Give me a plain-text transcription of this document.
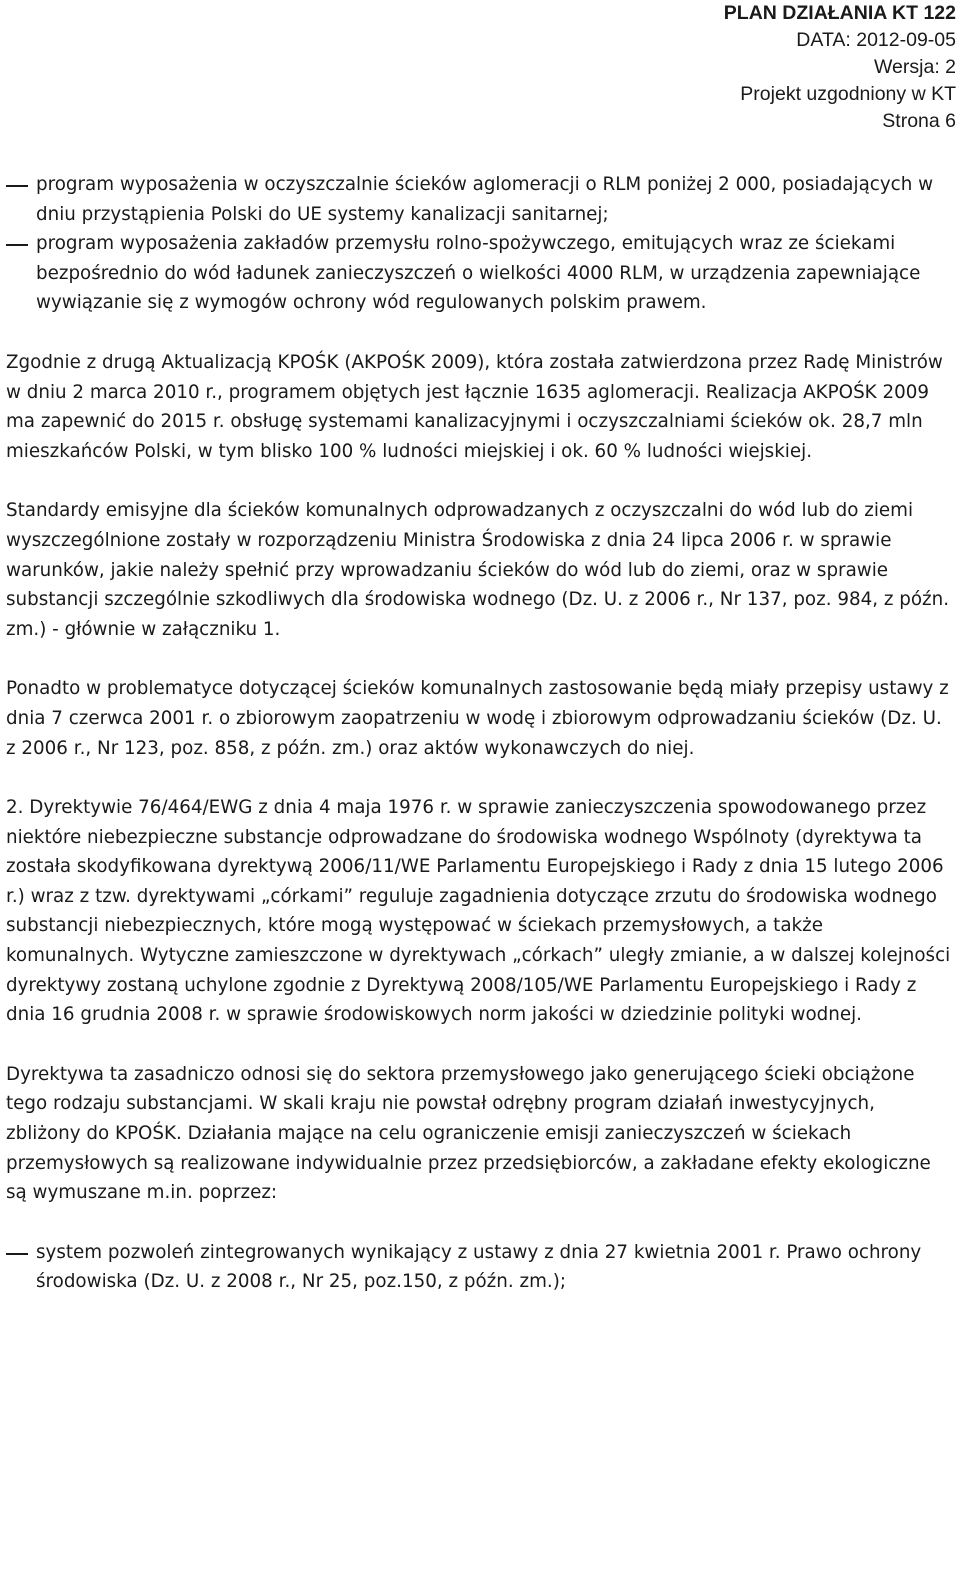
PLAN DZIAŁANIA KT 122
DATA: 2012-09-05
Wersja: 2
Projekt uzgodniony w KT
Strona 6
program wyposażenia w oczyszczalnie ścieków aglomeracji o RLM poniżej 2 000, posiadających w dniu przystąpienia Polski do UE systemy kanalizacji sanitarnej;
program wyposażenia zakładów przemysłu rolno-spożywczego, emitujących wraz ze ściekami bezpośrednio do wód ładunek zanieczyszczeń o wielkości 4000 RLM, w urządzenia zapewniające wywiązanie się z wymogów ochrony wód regulowanych polskim prawem.

Zgodnie z drugą Aktualizacją KPOŚK (AKPOŚK 2009), która została zatwierdzona przez Radę Ministrów w dniu 2 marca 2010 r., programem objętych jest łącznie 1635 aglomeracji. Realizacja AKPOŚK 2009 ma zapewnić do 2015 r. obsługę systemami kanalizacyjnymi i oczyszczalniami ścieków ok. 28,7 mln mieszkańców Polski, w tym blisko 100 % ludności miejskiej i ok. 60 % ludności wiejskiej.

Standardy emisyjne dla ścieków komunalnych odprowadzanych z oczyszczalni do wód lub do ziemi wyszczególnione zostały w rozporządzeniu Ministra Środowiska z dnia 24 lipca 2006 r. w sprawie warunków, jakie należy spełnić przy wprowadzaniu ścieków do wód lub do ziemi, oraz w sprawie substancji szczególnie szkodliwych dla środowiska wodnego (Dz. U. z 2006 r., Nr 137, poz. 984, z późn. zm.) - głównie w załączniku 1.

Ponadto w problematyce dotyczącej ścieków komunalnych zastosowanie będą miały przepisy ustawy z dnia 7 czerwca 2001 r. o zbiorowym zaopatrzeniu w wodę i zbiorowym odprowadzaniu ścieków (Dz. U. z 2006 r., Nr 123, poz. 858, z późn. zm.) oraz aktów wykonawczych do niej.

2. Dyrektywie 76/464/EWG z dnia 4 maja 1976 r. w sprawie zanieczyszczenia spowodowanego przez niektóre niebezpieczne substancje odprowadzane do środowiska wodnego Wspólnoty (dyrektywa ta została skodyfikowana dyrektywą 2006/11/WE Parlamentu Europejskiego i Rady z dnia 15 lutego 2006 r.) wraz z tzw. dyrektywami „córkami” reguluje zagadnienia dotyczące zrzutu do środowiska wodnego substancji niebezpiecznych, które mogą występować w ściekach przemysłowych, a także komunalnych. Wytyczne zamieszczone w dyrektywach „córkach” uległy zmianie, a w dalszej kolejności dyrektywy zostaną uchylone zgodnie z Dyrektywą 2008/105/WE Parlamentu Europejskiego i Rady z dnia 16 grudnia 2008 r. w sprawie środowiskowych norm jakości w dziedzinie polityki wodnej.

Dyrektywa ta zasadniczo odnosi się do sektora przemysłowego jako generującego ścieki obciążone tego rodzaju substancjami. W skali kraju nie powstał odrębny program działań inwestycyjnych, zbliżony do KPOŚK. Działania mające na celu ograniczenie emisji zanieczyszczeń w ściekach przemysłowych są realizowane indywidualnie przez przedsiębiorców, a zakładane efekty ekologiczne są wymuszane m.in. poprzez:

system pozwoleń zintegrowanych wynikający z ustawy z dnia 27 kwietnia 2001 r. Prawo ochrony środowiska (Dz. U. z 2008 r., Nr 25, poz.150, z późn. zm.);
